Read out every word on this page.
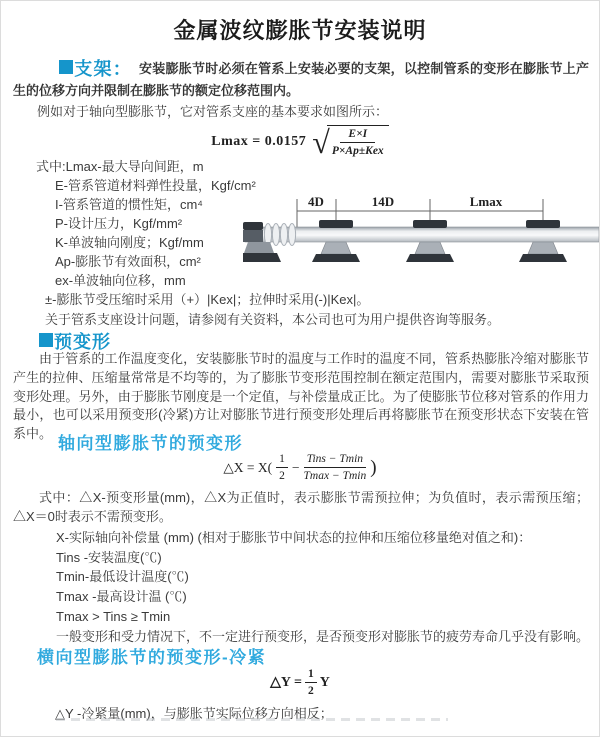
金属波纹膨胀节安装说明
支架： 安装膨胀节时必须在管系上安装必要的支架，以控制管系的变形在膨胀节上产生的位移方向并限制在膨胀节的额定位移范围内。
例如对于轴向型膨胀节，它对管系支座的基本要求如图所示：
Lmax = 0.0157 √
$\frac{E\times I}{\text{P×Ap±Kex}}$
式中:Lmax-最大导向间距，m
E-管系管道材料弹性投量，Kgf/cm²
I-管系管道的惯性矩，cm⁴
P-设计压力，Kgf/mm²
K-单波轴向刚度；Kgf/mm
Ap-膨胀节有效面积，cm²
ex-单波轴向位移，mm
±-膨胀节受压缩时采用（+）|Kex|；拉伸时采用(-)|Kex|。
关于管系支座设计问题，请参阅有关资料，本公司也可为用户提供咨询等服务。
4D	14D	Lmax
预变形
由于管系的工作温度变化，安装膨胀节时的温度与工作时的温度不同，管系热膨胀冷缩对膨胀节产生的拉伸、压缩量常常是不均等的，为了膨胀节变形范围控制在额定范围内，需要对膨胀节采取预变形处理。另外，由于膨胀节刚度是一个定值，与补偿量成正比。为了使膨胀节位移对管系的作用力最小，也可以采用预变形(冷紧)方让对膨胀节进行预变形处理后再将膨胀节在预变形状态下安装在管系中。
轴向型膨胀节的预变形
△X = $X( \frac{1}{2} - \frac{\text{Tins − Tmin}}{Tmax - Tmin}$ )
式中：△X-预变形量(mm)，△X为正值时，表示膨胀节需预拉伸；为负值时，表示需预压缩；△X＝0时表示不需预变形。
X-实际轴向补偿量 (mm) (相对于膨胀节中间状态的拉伸和压缩位移量绝对值之和)：
Tins -安装温度(℃)
Tmin-最低设计温度(℃)
Tmax -最高设计温 (℃)
Tmax > Tins ≥ Tmin
一般变形和受力情况下，不一定进行预变形，是否预变形对膨胀节的疲劳寿命几乎没有影响。
横向型膨胀节的预变形-冷紧
△Y = $\frac{1}{2}$ Y
△Y -冷紧量(mm)，与膨胀节实际位移方向相反；
